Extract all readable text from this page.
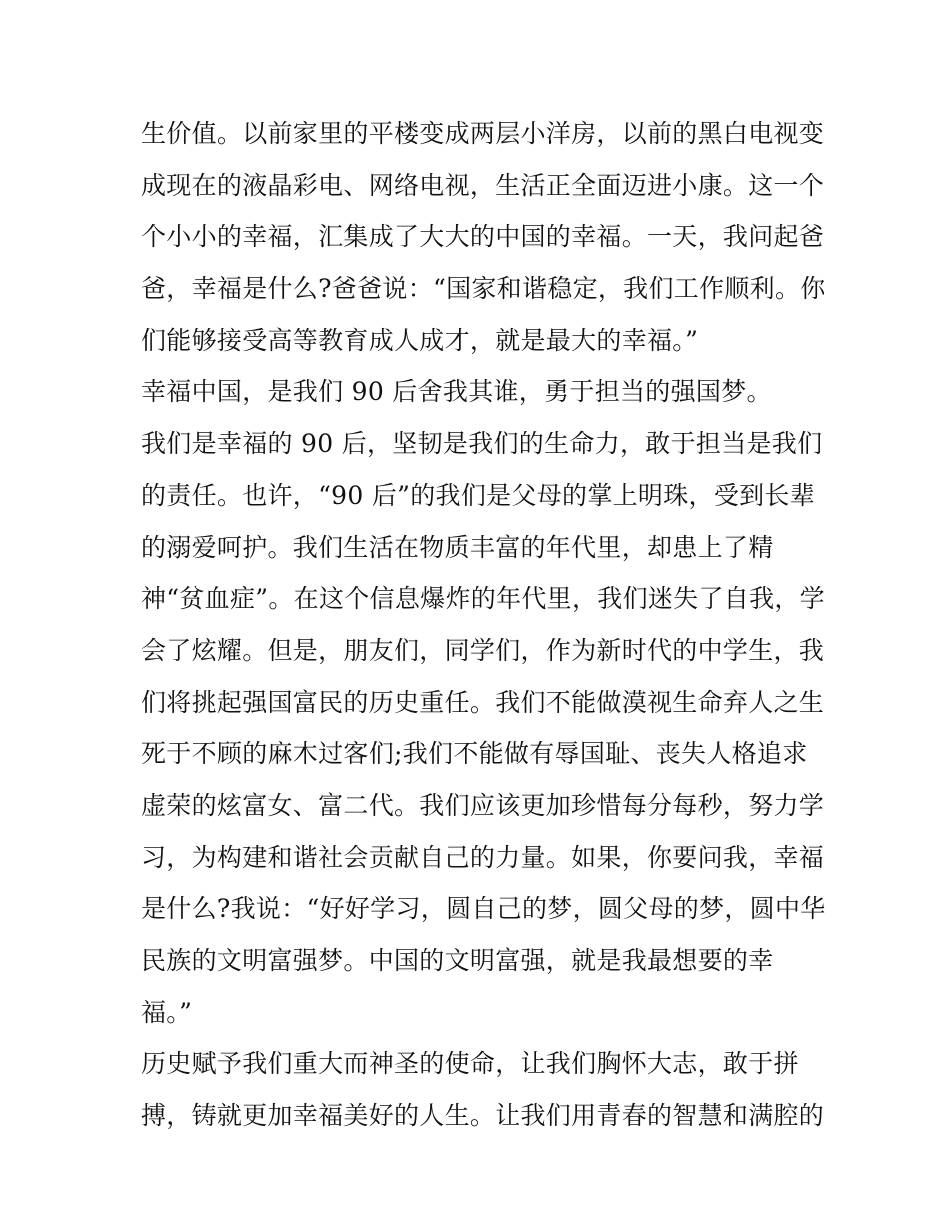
生价值。以前家里的平楼变成两层小洋房，以前的黑白电视变
成现在的液晶彩电、网络电视，生活正全面迈进小康。这一个
个小小的幸福，汇集成了大大的中国的幸福。一天，我问起爸
爸，幸福是什么?爸爸说：“国家和谐稳定，我们工作顺利。你
们能够接受高等教育成人成才，就是最大的幸福。”
幸福中国，是我们 90 后舍我其谁，勇于担当的强国梦。
我们是幸福的 90 后，坚韧是我们的生命力，敢于担当是我们
的责任。也许，“90 后”的我们是父母的掌上明珠，受到长辈
的溺爱呵护。我们生活在物质丰富的年代里，却患上了精
神“贫血症”。在这个信息爆炸的年代里，我们迷失了自我，学
会了炫耀。但是，朋友们，同学们，作为新时代的中学生，我
们将挑起强国富民的历史重任。我们不能做漠视生命弃人之生
死于不顾的麻木过客们;我们不能做有辱国耻、丧失人格追求
虚荣的炫富女、富二代。我们应该更加珍惜每分每秒，努力学
习，为构建和谐社会贡献自己的力量。如果，你要问我，幸福
是什么?我说：“好好学习，圆自己的梦，圆父母的梦，圆中华
民族的文明富强梦。中国的文明富强，就是我最想要的幸
福。”
历史赋予我们重大而神圣的使命，让我们胸怀大志，敢于拼
搏，铸就更加幸福美好的人生。让我们用青春的智慧和满腔的
